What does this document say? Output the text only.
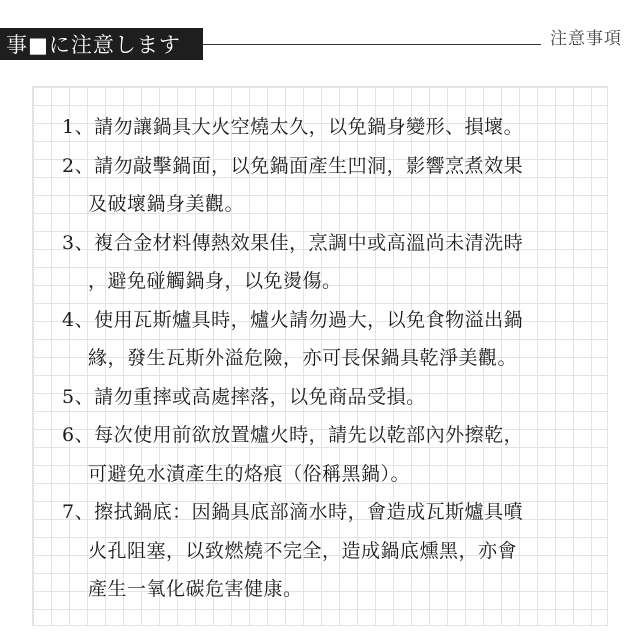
事■に注意します	注意事項
1、請勿讓鍋具大火空燒太久，以免鍋身變形、損壞。
2、請勿敲擊鍋面，以免鍋面產生凹洞，影響烹煮效果
及破壞鍋身美觀。
3、複合金材料傳熱效果佳，烹調中或高溫尚未清洗時
，避免碰觸鍋身，以免燙傷。
4、使用瓦斯爐具時，爐火請勿過大，以免食物溢出鍋
緣，發生瓦斯外溢危險，亦可長保鍋具乾淨美觀。
5、請勿重摔或高處摔落，以免商品受損。
6、每次使用前欲放置爐火時，請先以乾部內外擦乾，
可避免水漬產生的烙痕（俗稱黑鍋）。
7、擦拭鍋底：因鍋具底部滴水時，會造成瓦斯爐具噴
火孔阻塞，以致燃燒不完全，造成鍋底燻黑，亦會
產生一氧化碳危害健康。
